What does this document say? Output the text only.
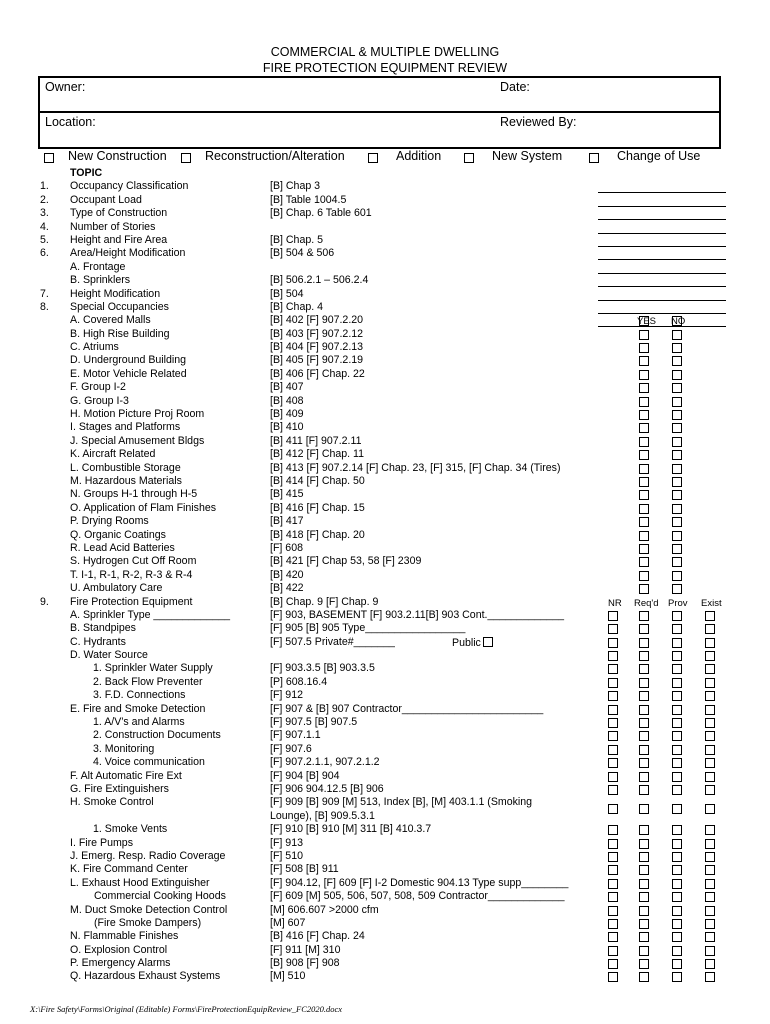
COMMERCIAL & MULTIPLE DWELLING
FIRE PROTECTION EQUIPMENT REVIEW
Owner:	Date:
Location:	Reviewed By:
New Construction	Reconstruction/Alteration	Addition	New System	Change of Use
TOPIC
1. Occupancy Classification	[B] Chap 3
2. Occupant Load	[B] Table 1004.5
3. Type of Construction	[B] Chap. 6 Table 601
4. Number of Stories
5. Height and Fire Area	[B] Chap. 5
6. Area/Height Modification	[B] 504 & 506
A. Frontage
B. Sprinklers	[B] 506.2.1 – 506.2.4
7. Height Modification	[B] 504
8. Special Occupancies	[B] Chap. 4
A. Covered Malls	[B] 402 [F] 907.2.20	YES NO
B. High Rise Building	[B] 403 [F] 907.2.12
C. Atriums	[B] 404 [F] 907.2.13
D. Underground Building	[B] 405 [F] 907.2.19
E. Motor Vehicle Related	[B] 406 [F] Chap. 22
F. Group I-2	[B] 407
G. Group I-3	[B] 408
H. Motion Picture Proj Room	[B] 409
I. Stages and Platforms	[B] 410
J. Special Amusement Bldgs	[B] 411 [F] 907.2.11
K. Aircraft Related	[B] 412 [F] Chap. 11
L. Combustible Storage	[B] 413 [F] 907.2.14 [F] Chap. 23, [F] 315, [F] Chap. 34 (Tires)
M. Hazardous Materials	[B] 414 [F] Chap. 50
N. Groups H-1 through H-5	[B] 415
O. Application of Flam Finishes	[B] 416 [F] Chap. 15
P. Drying Rooms	[B] 417
Q. Organic Coatings	[B] 418 [F] Chap. 20
R. Lead Acid Batteries	[F] 608
S. Hydrogen Cut Off Room	[B] 421 [F] Chap 53, 58 [F] 2309
T. I-1, R-1, R-2, R-3 & R-4	[B] 420
U. Ambulatory Care	[B] 422
9. Fire Protection Equipment	[B] Chap. 9 [F] Chap. 9	NR Req'd Prov Exist
A. Sprinkler Type _____________	[F] 903, BASEMENT [F] 903.2.11[B] 903 Cont._____________
B. Standpipes	[F] 905 [B] 905 Type_________________
C. Hydrants	[F] 507.5 Private#_______	Public
D. Water Source
1. Sprinkler Water Supply	[F] 903.3.5 [B] 903.3.5
2. Back Flow Preventer	[P] 608.16.4
3. F.D. Connections	[F] 912
E. Fire and Smoke Detection	[F] 907 & [B] 907 Contractor________________________
1. A/V’s and Alarms	[F] 907.5 [B] 907.5
2. Construction Documents	[F] 907.1.1
3. Monitoring	[F] 907.6
4. Voice communication	[F] 907.2.1.1, 907.2.1.2
F. Alt Automatic Fire Ext	[F] 904 [B] 904
G. Fire Extinguishers	[F] 906 904.12.5 [B] 906
H. Smoke Control	[F] 909 [B] 909 [M] 513, Index [B], [M] 403.1.1 (Smoking
Lounge), [B] 909.5.3.1
1. Smoke Vents	[F] 910 [B] 910 [M] 311 [B] 410.3.7
I. Fire Pumps	[F] 913
J. Emerg. Resp. Radio Coverage	[F] 510
K. Fire Command Center	[F] 508 [B] 911
L. Exhaust Hood Extinguisher	[F] 904.12, [F] 609 [F] I-2 Domestic 904.13 Type supp________
Commercial Cooking Hoods	[F] 609 [M] 505, 506, 507, 508, 509 Contractor_____________
M. Duct Smoke Detection Control	[M] 606.607 >2000 cfm
(Fire Smoke Dampers)	[M] 607
N. Flammable Finishes	[B] 416 [F] Chap. 24
O. Explosion Control	[F] 911 [M] 310
P. Emergency Alarms	[B] 908 [F] 908
Q. Hazardous Exhaust Systems	[M] 510
X:\Fire Safety\Forms\Original (Editable) Forms\FireProtectionEquipReview_FC2020.docx
